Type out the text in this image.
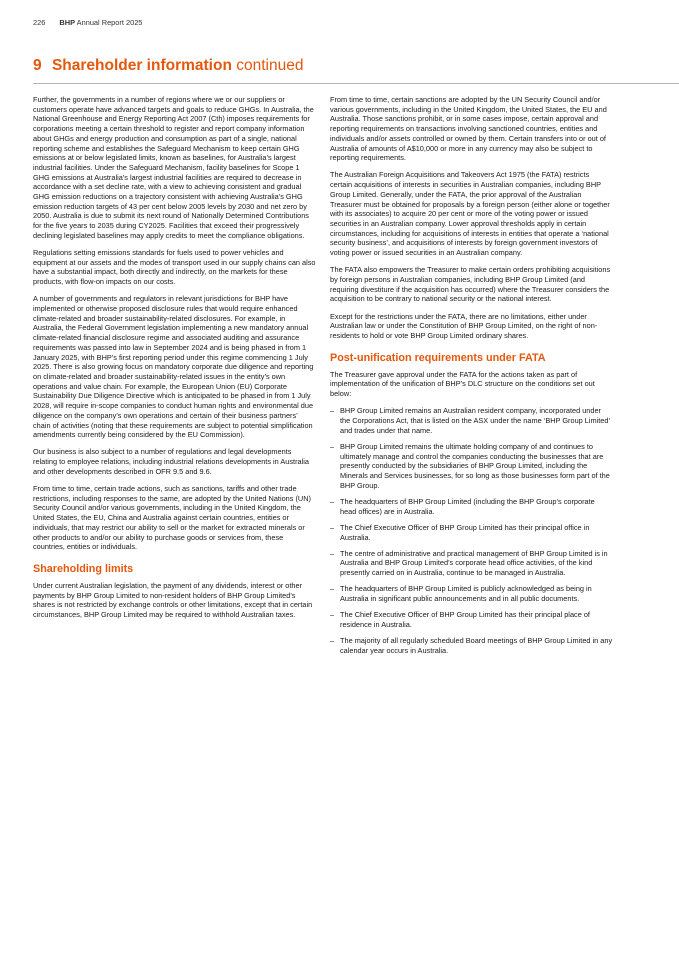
226 BHP Annual Report 2025
9 Shareholder information continued

Further, the governments in a number of regions where we or our suppliers or customers operate have advanced targets and goals to reduce GHGs. In Australia, the National Greenhouse and Energy Reporting Act 2007 (Cth) imposes requirements for corporations meeting a certain threshold to register and report company information about GHGs and energy production and consumption as part of a single, national reporting scheme and establishes the Safeguard Mechanism to keep certain GHG emissions at or below legislated limits, known as baselines, for Australia’s largest industrial facilities. Under the Safeguard Mechanism, facility baselines for Scope 1 GHG emissions at Australia’s largest industrial facilities are required to decrease in accordance with a set decline rate, with a view to achieving consistent and gradual GHG emission reductions on a trajectory consistent with achieving Australia’s GHG emission reduction targets of 43 per cent below 2005 levels by 2030 and net zero by 2050. Australia is due to submit its next round of Nationally Determined Contributions for the five years to 2035 during CY2025. Facilities that exceed their progressively declining legislated baselines may apply credits to meet the compliance obligations.

Regulations setting emissions standards for fuels used to power vehicles and equipment at our assets and the modes of transport used in our supply chains can also have a substantial impact, both directly and indirectly, on the markets for these products, with flow-on impacts on our costs.

A number of governments and regulators in relevant jurisdictions for BHP have implemented or otherwise proposed disclosure rules that would require enhanced climate-related and broader sustainability-related disclosures. For example, in Australia, the Federal Government legislation implementing a new mandatory annual climate-related financial disclosure regime and associated auditing and assurance requirements was passed into law in September 2024 and is being phased in from 1 January 2025, with BHP’s first reporting period under this regime commencing 1 July 2025. There is also growing focus on mandatory corporate due diligence and reporting on climate-related and broader sustainability-related issues in the entity’s own operations and value chain. For example, the European Union (EU) Corporate Sustainability Due Diligence Directive which is anticipated to be phased in from 1 July 2028, will require in-scope companies to conduct human rights and environmental due diligence on the company’s own operations and certain of their business partners’ chain of activities (noting that these requirements are subject to potential simplification amendments currently being considered by the EU Commission).

Our business is also subject to a number of regulations and legal developments relating to employee relations, including industrial relations developments in Australia and other developments described in OFR 9.5 and 9.6.

From time to time, certain trade actions, such as sanctions, tariffs and other trade restrictions, including responses to the same, are adopted by the United Nations (UN) Security Council and/or various governments, including in the United Kingdom, the United States, the EU, China and Australia against certain countries, entities or individuals, that may restrict our ability to sell or the market for extracted minerals or other products to and/or our ability to purchase goods or services from, these countries, entities or individuals.

Shareholding limits

Under current Australian legislation, the payment of any dividends, interest or other payments by BHP Group Limited to non-resident holders of BHP Group Limited’s shares is not restricted by exchange controls or other limitations, except that in certain circumstances, BHP Group Limited may be required to withhold Australian taxes.

From time to time, certain sanctions are adopted by the UN Security Council and/or various governments, including in the United Kingdom, the United States, the EU and Australia. Those sanctions prohibit, or in some cases impose, certain approval and reporting requirements on transactions involving sanctioned countries, entities and individuals and/or assets controlled or owned by them. Certain transfers into or out of Australia of amounts of A$10,000 or more in any currency may also be subject to reporting requirements.

The Australian Foreign Acquisitions and Takeovers Act 1975 (the FATA) restricts certain acquisitions of interests in securities in Australian companies, including BHP Group Limited. Generally, under the FATA, the prior approval of the Australian Treasurer must be obtained for proposals by a foreign person (either alone or together with its associates) to acquire 20 per cent or more of the voting power or issued securities in an Australian company. Lower approval thresholds apply in certain circumstances, including for acquisitions of interests in entities that operate a ‘national security business’, and acquisitions of interests by foreign government investors of voting power or issued securities in an Australian company.

The FATA also empowers the Treasurer to make certain orders prohibiting acquisitions by foreign persons in Australian companies, including BHP Group Limited (and requiring divestiture if the acquisition has occurred) where the Treasurer considers the acquisition to be contrary to national security or the national interest.

Except for the restrictions under the FATA, there are no limitations, either under Australian law or under the Constitution of BHP Group Limited, on the right of non-residents to hold or vote BHP Group Limited ordinary shares.

Post-unification requirements under FATA

The Treasurer gave approval under the FATA for the actions taken as part of implementation of the unification of BHP’s DLC structure on the conditions set out below:

– BHP Group Limited remains an Australian resident company, incorporated under the Corporations Act, that is listed on the ASX under the name ‘BHP Group Limited’ and trades under that name.
– BHP Group Limited remains the ultimate holding company of and continues to ultimately manage and control the companies conducting the businesses that are presently conducted by the subsidiaries of BHP Group Limited, including the Minerals and Services businesses, for so long as those businesses form part of the BHP Group.
– The headquarters of BHP Group Limited (including the BHP Group’s corporate head offices) are in Australia.
– The Chief Executive Officer of BHP Group Limited has their principal office in Australia.
– The centre of administrative and practical management of BHP Group Limited is in Australia and BHP Group Limited’s corporate head office activities, of the kind presently carried on in Australia, continue to be managed in Australia.
– The headquarters of BHP Group Limited is publicly acknowledged as being in Australia in significant public announcements and in all public documents.
– The Chief Executive Officer of BHP Group Limited has their principal place of residence in Australia.
– The majority of all regularly scheduled Board meetings of BHP Group Limited in any calendar year occurs in Australia.
